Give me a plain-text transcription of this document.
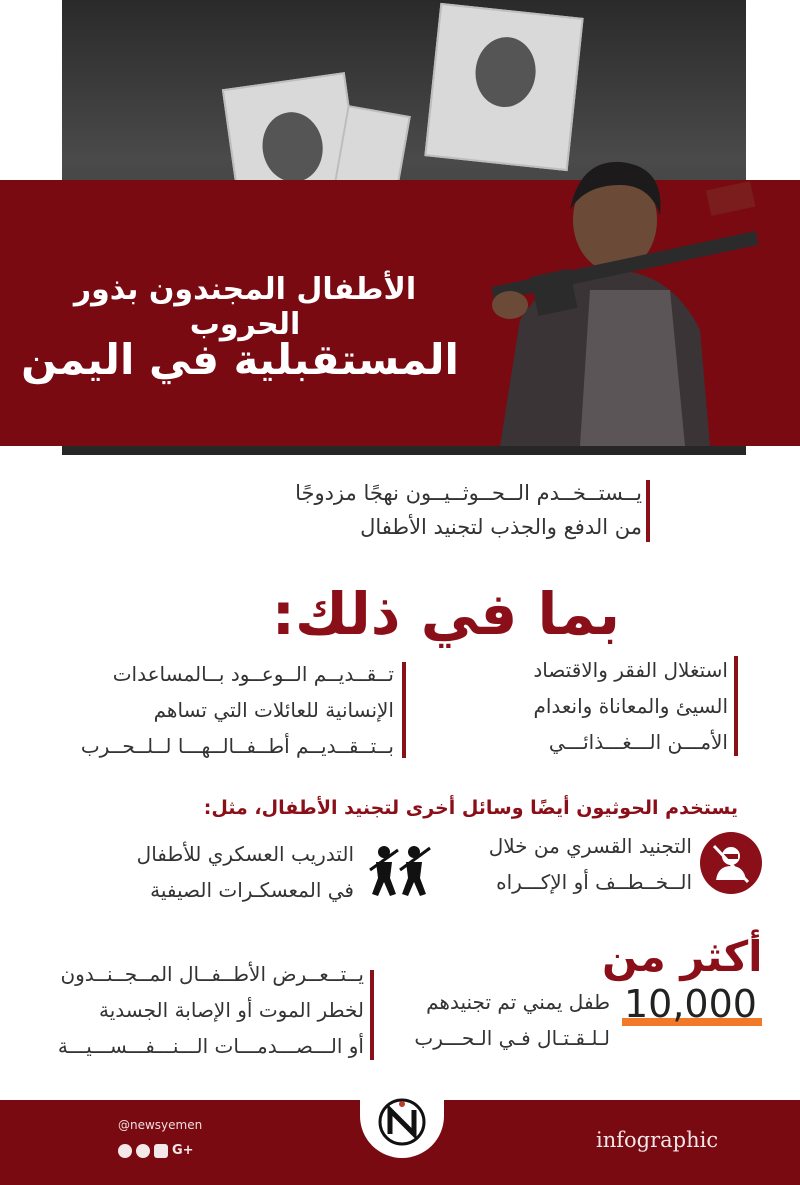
الأطفال المجندون بذور الحروب
المستقبلية في اليمن
يــستــخــدم الــحــوثــيــون نهجًا مزدوجًا
من الدفع والجذب لتجنيد الأطفال
بما في ذلك:
استغلال الفقر والاقتصاد
السيئ والمعاناة وانعدام
الأمـــن الـــغـــذائـــي
تــقــديــم الــوعــود بــالمساعدات
الإنسانية للعائلات التي تساهم
بــتــقــديــم أطــفــالــهـــا لــلــحــرب
يستخدم الحوثيون أيضًا وسائل أخرى لتجنيد الأطفال، مثل:
التجنيد القسري من خلال
الــخــطــف أو الإكـــراه
التدريب العسكري للأطفال
في المعسكـرات الصيفية
أكثر من
10,000
طفل يمني تم تجنيدهم
لـلـقـتـال فـي الـحـــرب
يــتــعــرض الأطــفــال المــجــنــدون
لخطر الموت أو الإصابة الجسدية
أو الـــصـــدمـــات الـــنـــفـــســـيـــة
@newsyemen
G+	infographic
